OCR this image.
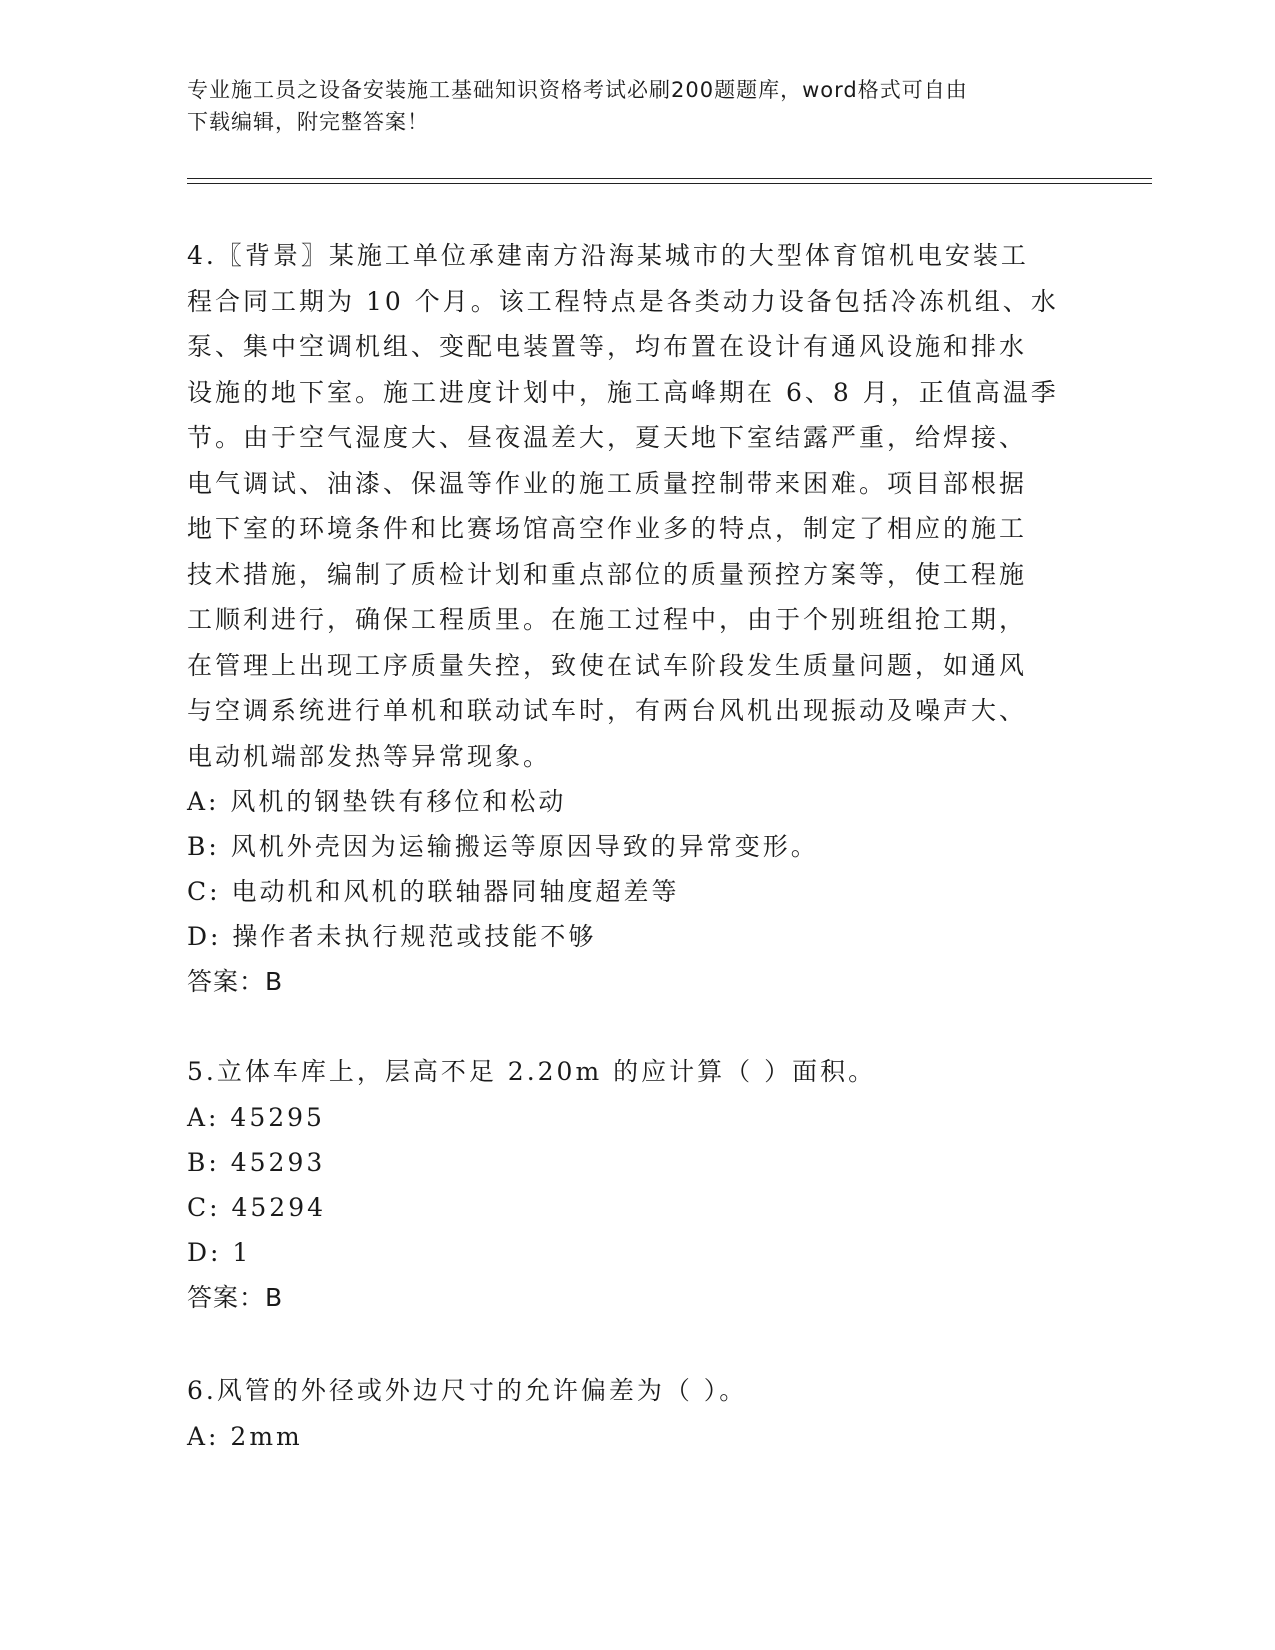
专业施工员之设备安装施工基础知识资格考试必刷200题题库，word格式可自由
下载编辑，附完整答案！

4.〖背景〗某施工单位承建南方沿海某城市的大型体育馆机电安装工
程合同工期为 10 个月。该工程特点是各类动力设备包括冷冻机组、水
泵、集中空调机组、变配电装置等，均布置在设计有通风设施和排水
设施的地下室。施工进度计划中，施工高峰期在 6、8 月，正值高温季
节。由于空气湿度大、昼夜温差大，夏天地下室结露严重，给焊接、
电气调试、油漆、保温等作业的施工质量控制带来困难。项目部根据
地下室的环境条件和比赛场馆高空作业多的特点，制定了相应的施工
技术措施，编制了质检计划和重点部位的质量预控方案等，使工程施
工顺利进行，确保工程质里。在施工过程中，由于个别班组抢工期，
在管理上出现工序质量失控，致使在试车阶段发生质量问题，如通风
与空调系统进行单机和联动试车时，有两台风机出现振动及噪声大、
电动机端部发热等异常现象。

A: 风机的钢垫铁有移位和松动

B: 风机外壳因为运输搬运等原因导致的异常变形。

C: 电动机和风机的联轴器同轴度超差等

D: 操作者未执行规范或技能不够

答案：B

5.立体车库上，层高不足 2.20m 的应计算（ ）面积。

A: 45295

B: 45293

C: 45294

D: 1

答案：B

6.风管的外径或外边尺寸的允许偏差为（ ）。

A: 2mm
